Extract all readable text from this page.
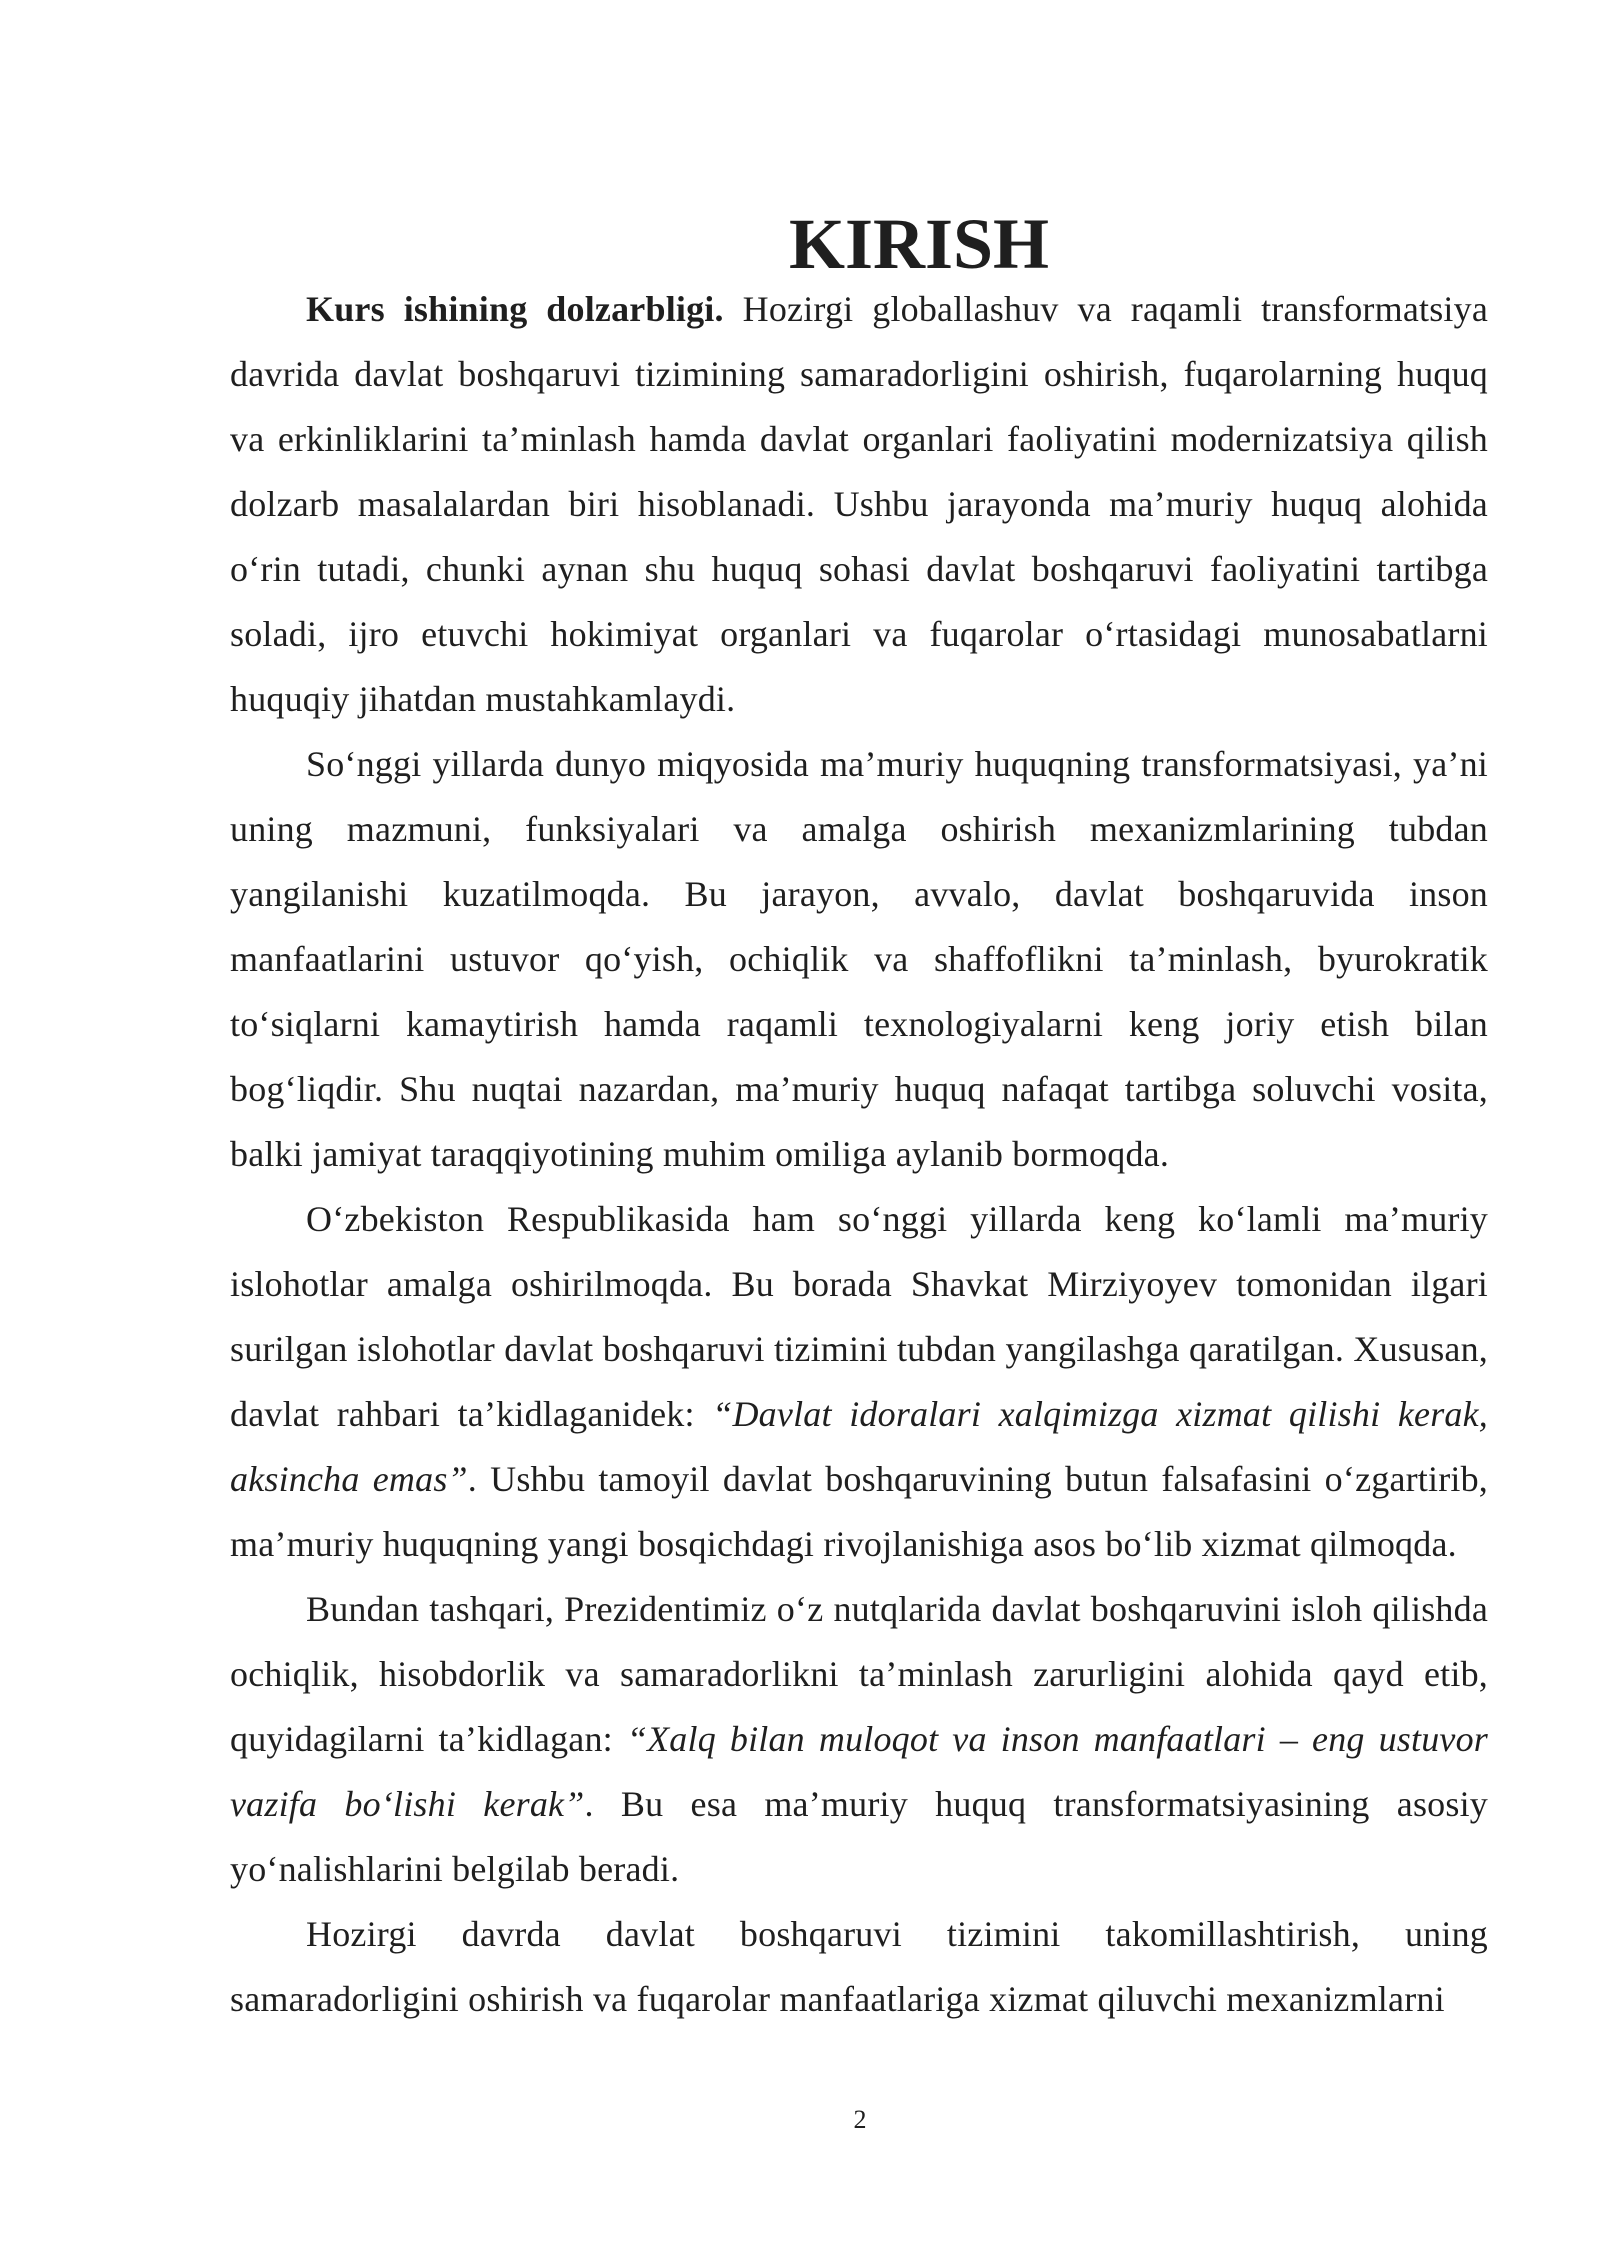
KIRISH

Kurs ishining dolzarbligi. Hozirgi globallashuv va raqamli transformatsiya davrida davlat boshqaruvi tizimining samaradorligini oshirish, fuqarolarning huquq va erkinliklarini ta’minlash hamda davlat organlari faoliyatini modernizatsiya qilish dolzarb masalalardan biri hisoblanadi. Ushbu jarayonda ma’muriy huquq alohida o‘rin tutadi, chunki aynan shu huquq sohasi davlat boshqaruvi faoliyatini tartibga soladi, ijro etuvchi hokimiyat organlari va fuqarolar o‘rtasidagi munosabatlarni huquqiy jihatdan mustahkamlaydi.

So‘nggi yillarda dunyo miqyosida ma’muriy huquqning transformatsiyasi, ya’ni uning mazmuni, funksiyalari va amalga oshirish mexanizmlarining tubdan yangilanishi kuzatilmoqda. Bu jarayon, avvalo, davlat boshqaruvida inson manfaatlarini ustuvor qo‘yish, ochiqlik va shaffoflikni ta’minlash, byurokratik to‘siqlarni kamaytirish hamda raqamli texnologiyalarni keng joriy etish bilan bog‘liqdir. Shu nuqtai nazardan, ma’muriy huquq nafaqat tartibga soluvchi vosita, balki jamiyat taraqqiyotining muhim omiliga aylanib bormoqda.

O‘zbekiston Respublikasida ham so‘nggi yillarda keng ko‘lamli ma’muriy islohotlar amalga oshirilmoqda. Bu borada Shavkat Mirziyoyev tomonidan ilgari surilgan islohotlar davlat boshqaruvi tizimini tubdan yangilashga qaratilgan. Xususan, davlat rahbari ta’kidlaganidek: “Davlat idoralari xalqimizga xizmat qilishi kerak, aksincha emas”. Ushbu tamoyil davlat boshqaruvining butun falsafasini o‘zgartirib, ma’muriy huquqning yangi bosqichdagi rivojlanishiga asos bo‘lib xizmat qilmoqda.

Bundan tashqari, Prezidentimiz o‘z nutqlarida davlat boshqaruvini isloh qilishda ochiqlik, hisobdorlik va samaradorlikni ta’minlash zarurligini alohida qayd etib, quyidagilarni ta’kidlagan: “Xalq bilan muloqot va inson manfaatlari – eng ustuvor vazifa bo‘lishi kerak”. Bu esa ma’muriy huquq transformatsiyasining asosiy yo‘nalishlarini belgilab beradi.

Hozirgi davrda davlat boshqaruvi tizimini takomillashtirish, uning samaradorligini oshirish va fuqarolar manfaatlariga xizmat qiluvchi mexanizmlarni

2
